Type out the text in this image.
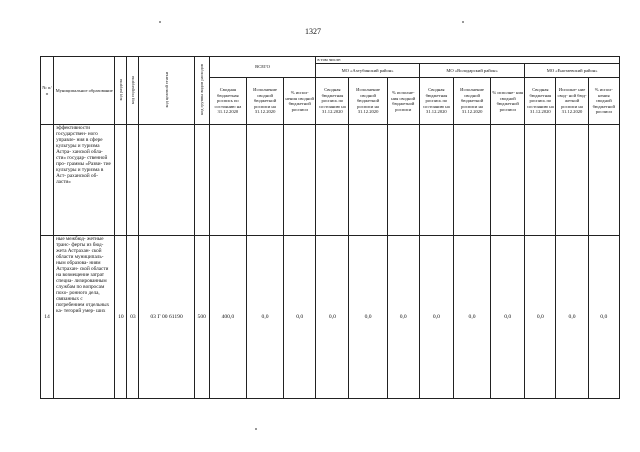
1327
№ п/п	Муниципальное образование	код раздела	код подраздела	код целевой статьи	код группы видов расходов	ВСЕГО			в том числе:								
									МО «Ахтубинский район»			МО «Володарский район»			МО «Енотаевский район»		
						Сводная бюджетная роспись по состоянию на 31.12.2020	Исполнение сводной бюджетной росписи на 31.12.2020	% испол- нения сводной бюджетной росписи	Сводная бюджетная роспись по состоянию на 31.12.2020	Исполнение сводной бюджетной росписи на 31.12.2020	% исполне- ния сводной бюджетной росписи	Сводная бюджетная роспись по состоянию на 31.12.2020	Исполнение сводной бюджетной росписи на 31.12.2020	% исполне- ния сводной бюджетной росписи	Сводная бюджетная роспись по состоянию на 31.12.2020	Исполне- ние свод- ной бюд- жетной росписи на 31.12.2020	% испол- нения сводной бюджетной росписи
	эффективности государствен- ного управле- ния в сфере культуры и туризма Астра- ханской обла- сти» государ- ственной про- граммы «Разви- тие культуры и туризма в Аст- раханской об- ласти»																
14	ные межбюд- жетные транс- ферты из бюд- жета Астрахан- ской области муниципаль- ным образова- ниям Астрахан- ской области на возмещение затрат специа- лизированным службам по вопросам похо- ронного дела, связанных с погребением отдельных ка- тегорий умер- ших	10	03	03 Г 00 61190	500	400,0	0,0	0,0	0,0	0,0	0,0	0,0	0,0	0,0	0,0	0,0	0,0
